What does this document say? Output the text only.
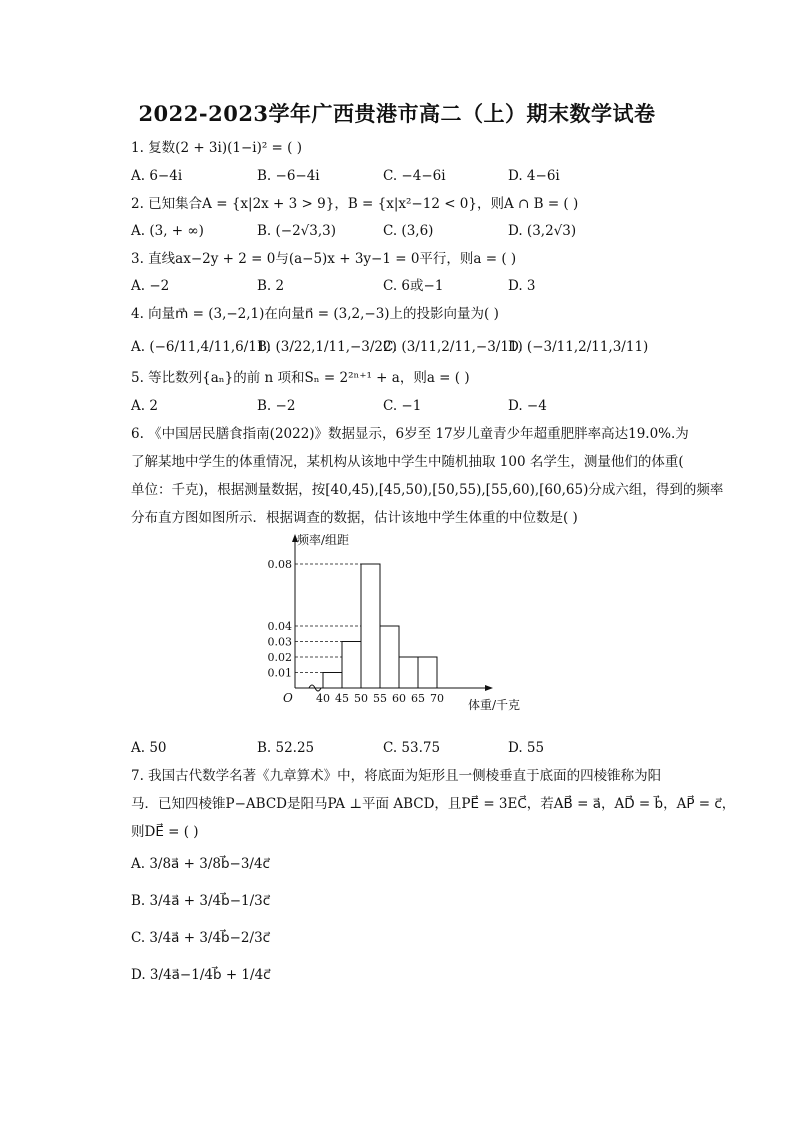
2022-2023学年广西贵港市高二（上）期末数学试卷
1. 复数(2 + 3i)(1−i)² = ( )
A. 6−4i	B. −6−4i	C. −4−6i	D. 4−6i
2. 已知集合A = {x|2x + 3 > 9}，B = {x|x²−12 < 0}，则A ∩ B = ( )
A. (3, + ∞)	B. (−2√3,3)	C. (3,6)	D. (3,2√3)
3. 直线ax−2y + 2 = 0与(a−5)x + 3y−1 = 0平行，则a = ( )
A. −2	B. 2	C. 6或−1	D. 3
4. 向量m⃗ = (3,−2,1)在向量n⃗ = (3,2,−3)上的投影向量为( )
A. (−6/11,4/11,6/11)
B. (3/22,1/11,−3/22)
C. (3/11,2/11,−3/11)
D. (−3/11,2/11,3/11)
5. 等比数列{aₙ}的前 n 项和Sₙ = 2²ⁿ⁺¹ + a，则a = ( )
A. 2	B. −2	C. −1	D. −4
6. 《中国居民膳食指南(2022)》数据显示，6岁至 17岁儿童青少年超重肥胖率高达19.0%.为
了解某地中学生的体重情况，某机构从该地中学生中随机抽取 100 名学生，测量他们的体重(
单位：千克)，根据测量数据，按[40,45),[45,50),[50,55),[55,60),[60,65)分成六组，得到的频率
分布直方图如图所示．根据调查的数据，估计该地中学生体重的中位数是( )
频率/组距
体重/千克
O
0.08
0.04
0.03
0.02
0.01
40 45 50 55 60 65 70
A. 50	B. 52.25	C. 53.75	D. 55
7. 我国古代数学名著《九章算术》中，将底面为矩形且一侧棱垂直于底面的四棱锥称为阳
马．已知四棱锥P−ABCD是阳马PA ⊥平面 ABCD，且PE⃗ = 3EC⃗，若AB⃗ = a⃗，AD⃗ = b⃗，AP⃗ = c⃗，
则DE⃗ = ( )
A. 3/8a⃗ + 3/8b⃗−3/4c⃗
B. 3/4a⃗ + 3/4b⃗−1/3c⃗
C. 3/4a⃗ + 3/4b⃗−2/3c⃗
D. 3/4a⃗−1/4b⃗ + 1/4c⃗
